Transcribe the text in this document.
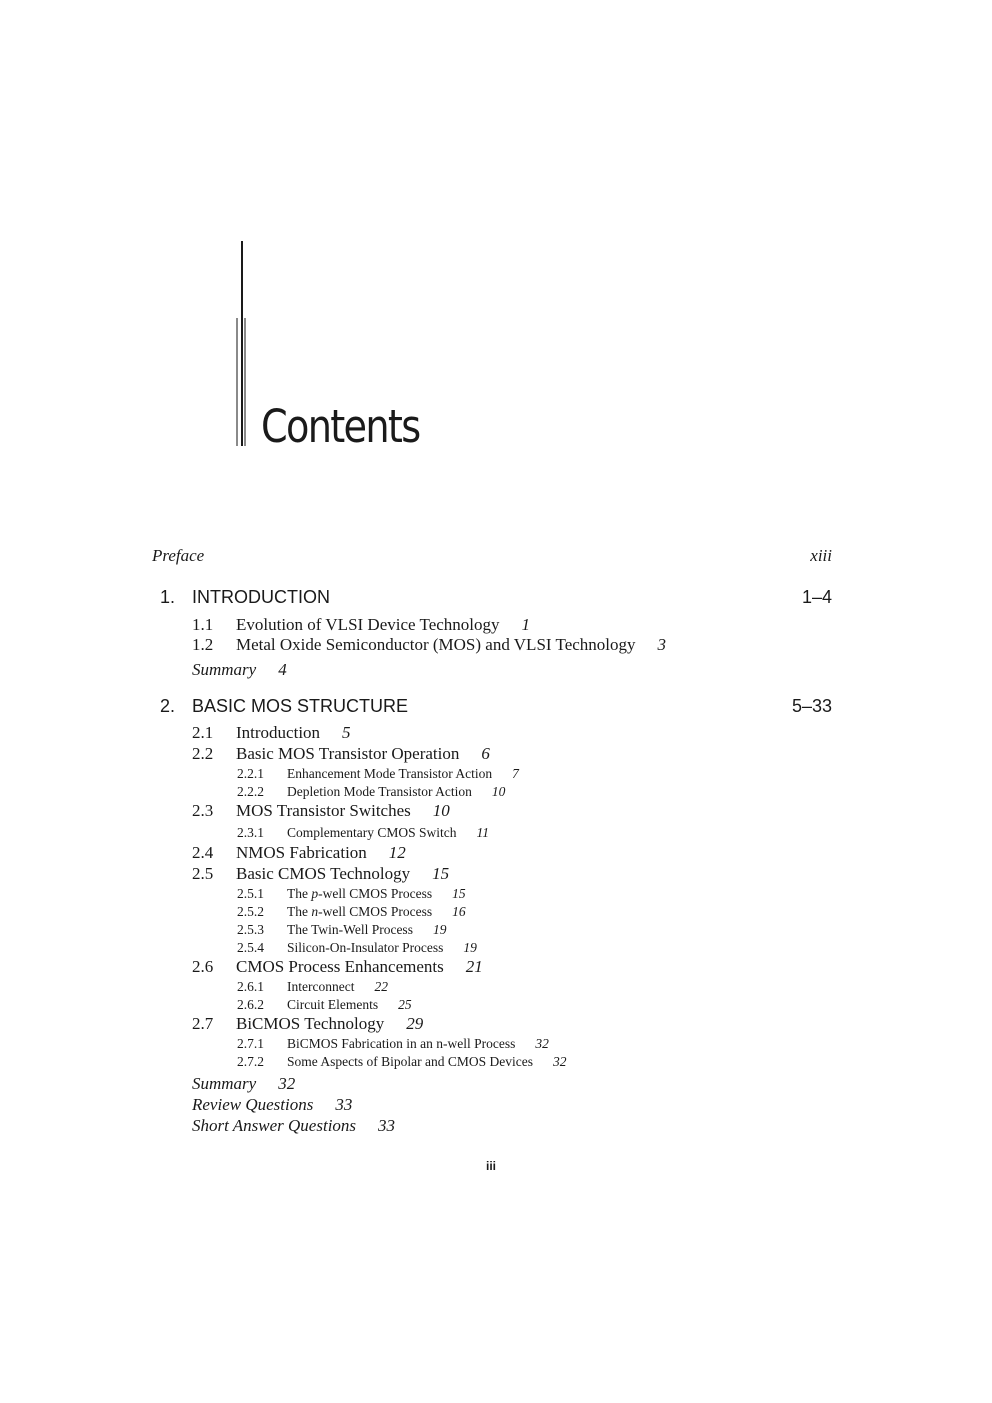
Contents
Preface	xiii
1. INTRODUCTION	1–4
1.1 Evolution of VLSI Device Technology 1
1.2 Metal Oxide Semiconductor (MOS) and VLSI Technology 3
Summary 4
2. BASIC MOS STRUCTURE	5–33
2.1 Introduction 5
2.2 Basic MOS Transistor Operation 6
2.2.1 Enhancement Mode Transistor Action 7
2.2.2 Depletion Mode Transistor Action 10
2.3 MOS Transistor Switches 10
2.3.1 Complementary CMOS Switch 11
2.4 NMOS Fabrication 12
2.5 Basic CMOS Technology 15
2.5.1 The p-well CMOS Process 15
2.5.2 The n-well CMOS Process 16
2.5.3 The Twin-Well Process 19
2.5.4 Silicon-On-Insulator Process 19
2.6 CMOS Process Enhancements 21
2.6.1 Interconnect 22
2.6.2 Circuit Elements 25
2.7 BiCMOS Technology 29
2.7.1 BiCMOS Fabrication in an n-well Process 32
2.7.2 Some Aspects of Bipolar and CMOS Devices 32
Summary 32
Review Questions 33
Short Answer Questions 33
iii
